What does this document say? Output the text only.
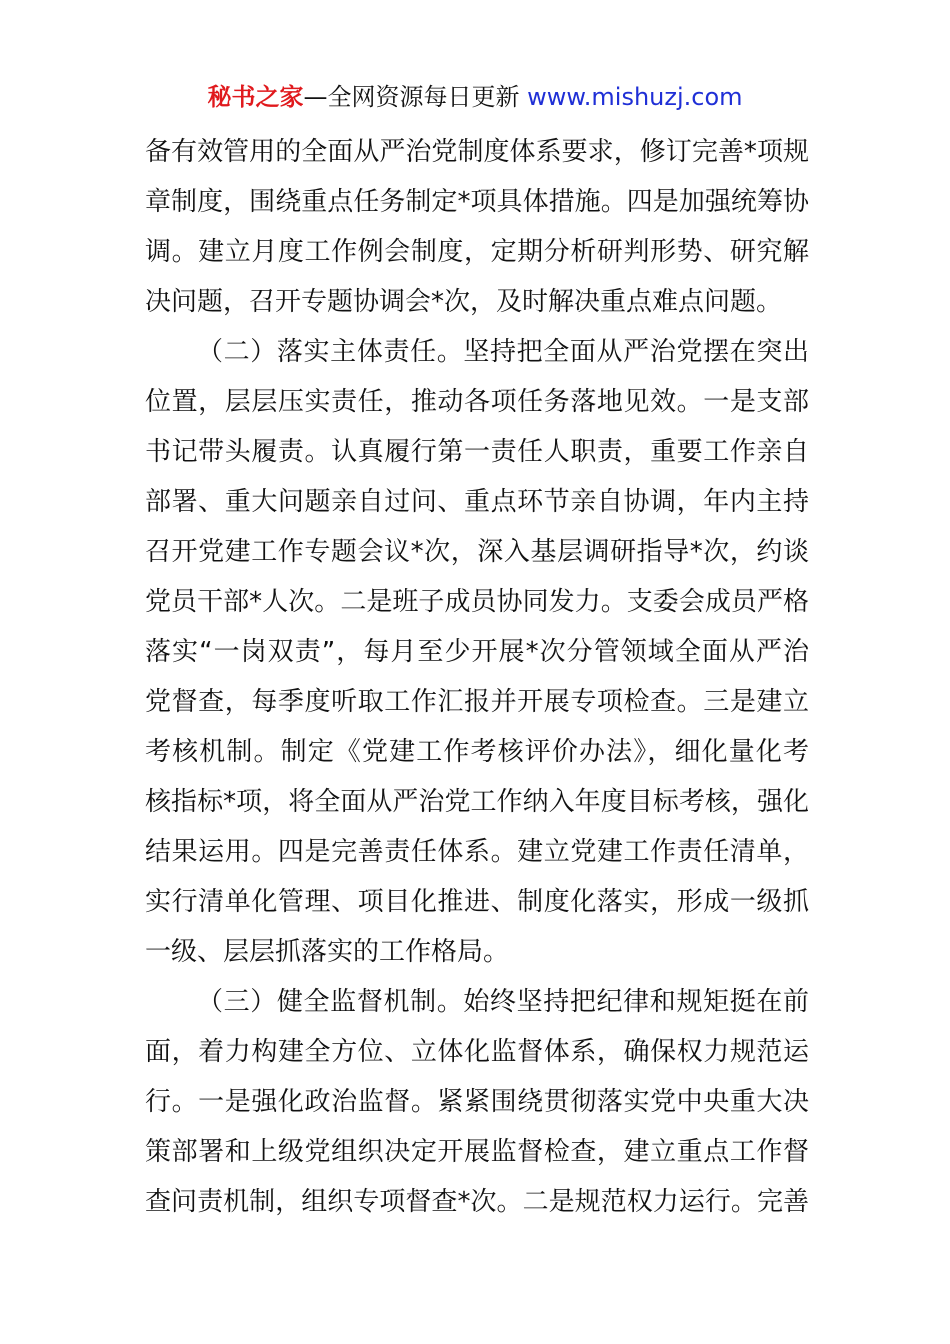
秘书之家—全网资源每日更新 www.mishuzj.com
备有效管用的全面从严治党制度体系要求，修订完善*项规
章制度，围绕重点任务制定*项具体措施。四是加强统筹协
调。建立月度工作例会制度，定期分析研判形势、研究解
决问题，召开专题协调会*次，及时解决重点难点问题。
（二）落实主体责任。坚持把全面从严治党摆在突出
位置，层层压实责任，推动各项任务落地见效。一是支部
书记带头履责。认真履行第一责任人职责，重要工作亲自
部署、重大问题亲自过问、重点环节亲自协调，年内主持
召开党建工作专题会议*次，深入基层调研指导*次，约谈
党员干部*人次。二是班子成员协同发力。支委会成员严格
落实“一岗双责”，每月至少开展*次分管领域全面从严治
党督查，每季度听取工作汇报并开展专项检查。三是建立
考核机制。制定《党建工作考核评价办法》，细化量化考
核指标*项，将全面从严治党工作纳入年度目标考核，强化
结果运用。四是完善责任体系。建立党建工作责任清单，
实行清单化管理、项目化推进、制度化落实，形成一级抓
一级、层层抓落实的工作格局。
（三）健全监督机制。始终坚持把纪律和规矩挺在前
面，着力构建全方位、立体化监督体系，确保权力规范运
行。一是强化政治监督。紧紧围绕贯彻落实党中央重大决
策部署和上级党组织决定开展监督检查，建立重点工作督
查问责机制，组织专项督查*次。二是规范权力运行。完善
